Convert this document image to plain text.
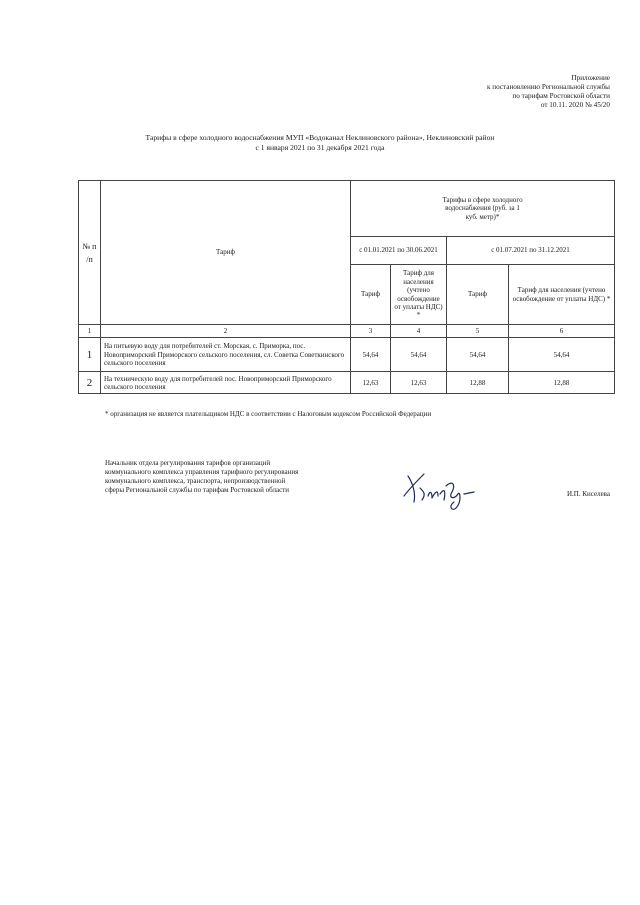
Приложение
к постановлению Региональной службы
по тарифам Ростовской области
от 10.11. 2020 № 45/20
Тарифы в сфере холодного водоснабжения МУП «Водоканал Неклиновского района», Неклиновский район
с 1 января 2021 по 31 декабря 2021 года
№ п /п	Тариф	Тарифы в сфере холодного водоснабжения (руб. за 1 куб. метр)*			
		с 01.01.2021 по 30.06.2021		с 01.07.2021 по 31.12.2021	
		Тариф	Тариф для населения (учтено освобождение от уплаты НДС) *	Тариф	Тариф для населения (учтено освобождение от уплаты НДС) *
1	2	3	4	5	6
1	На питьевую воду для потребителей ст. Морская, с. Приморка, пос. Новоприморский Приморского сельского поселения, сл. Советка Советкинского сельского поселения	54,64	54,64	54,64	54,64
2	На техническую воду для потребителей пос. Новоприморский Приморского сельского поселения	12,63	12,63	12,88	12,88
* организация не является плательщиком НДС в соответствии с Налоговым кодексом Российской Федерации
Начальник отдела регулирования тарифов организаций
коммунального комплекса управления тарифного регулирования
коммунального комплекса, транспорта, непроизводственной
сферы Региональной службы по тарифам Ростовской области	И.П. Киселева
